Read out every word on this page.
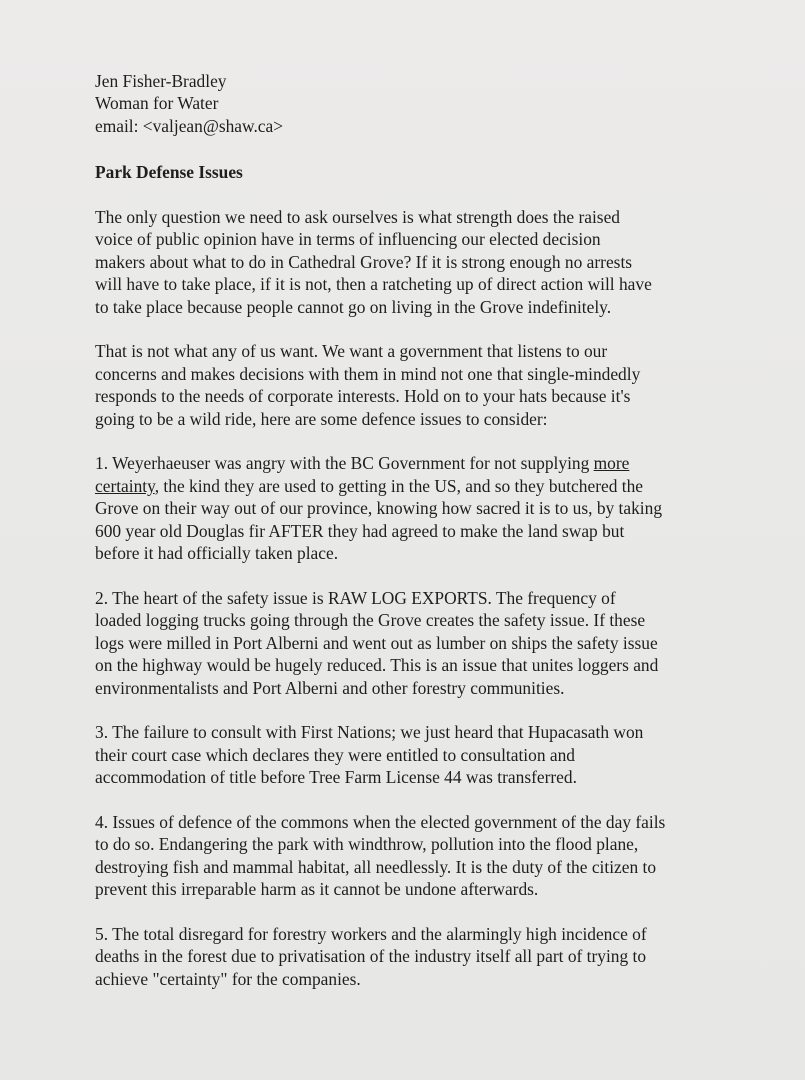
Jen Fisher-Bradley
Woman for Water
email: <valjean@shaw.ca>
Park Defense Issues

The only question we need to ask ourselves is what strength does the raised
voice of public opinion have in terms of influencing our elected decision
makers about what to do in Cathedral Grove? If it is strong enough no arrests
will have to take place, if it is not, then a ratcheting up of direct action will have
to take place because people cannot go on living in the Grove indefinitely.

That is not what any of us want. We want a government that listens to our
concerns and makes decisions with them in mind not one that single-mindedly
responds to the needs of corporate interests. Hold on to your hats because it's
going to be a wild ride, here are some defence issues to consider:

1. Weyerhaeuser was angry with the BC Government for not supplying more
certainty, the kind they are used to getting in the US, and so they butchered the
Grove on their way out of our province, knowing how sacred it is to us, by taking
600 year old Douglas fir AFTER they had agreed to make the land swap but
before it had officially taken place.

2. The heart of the safety issue is RAW LOG EXPORTS. The frequency of
loaded logging trucks going through the Grove creates the safety issue. If these
logs were milled in Port Alberni and went out as lumber on ships the safety issue
on the highway would be hugely reduced. This is an issue that unites loggers and
environmentalists and Port Alberni and other forestry communities.

3. The failure to consult with First Nations; we just heard that Hupacasath won
their court case which declares they were entitled to consultation and
accommodation of title before Tree Farm License 44 was transferred.

4. Issues of defence of the commons when the elected government of the day fails
to do so. Endangering the park with windthrow, pollution into the flood plane,
destroying fish and mammal habitat, all needlessly. It is the duty of the citizen to
prevent this irreparable harm as it cannot be undone afterwards.

5. The total disregard for forestry workers and the alarmingly high incidence of
deaths in the forest due to privatisation of the industry itself all part of trying to
achieve "certainty" for the companies.
